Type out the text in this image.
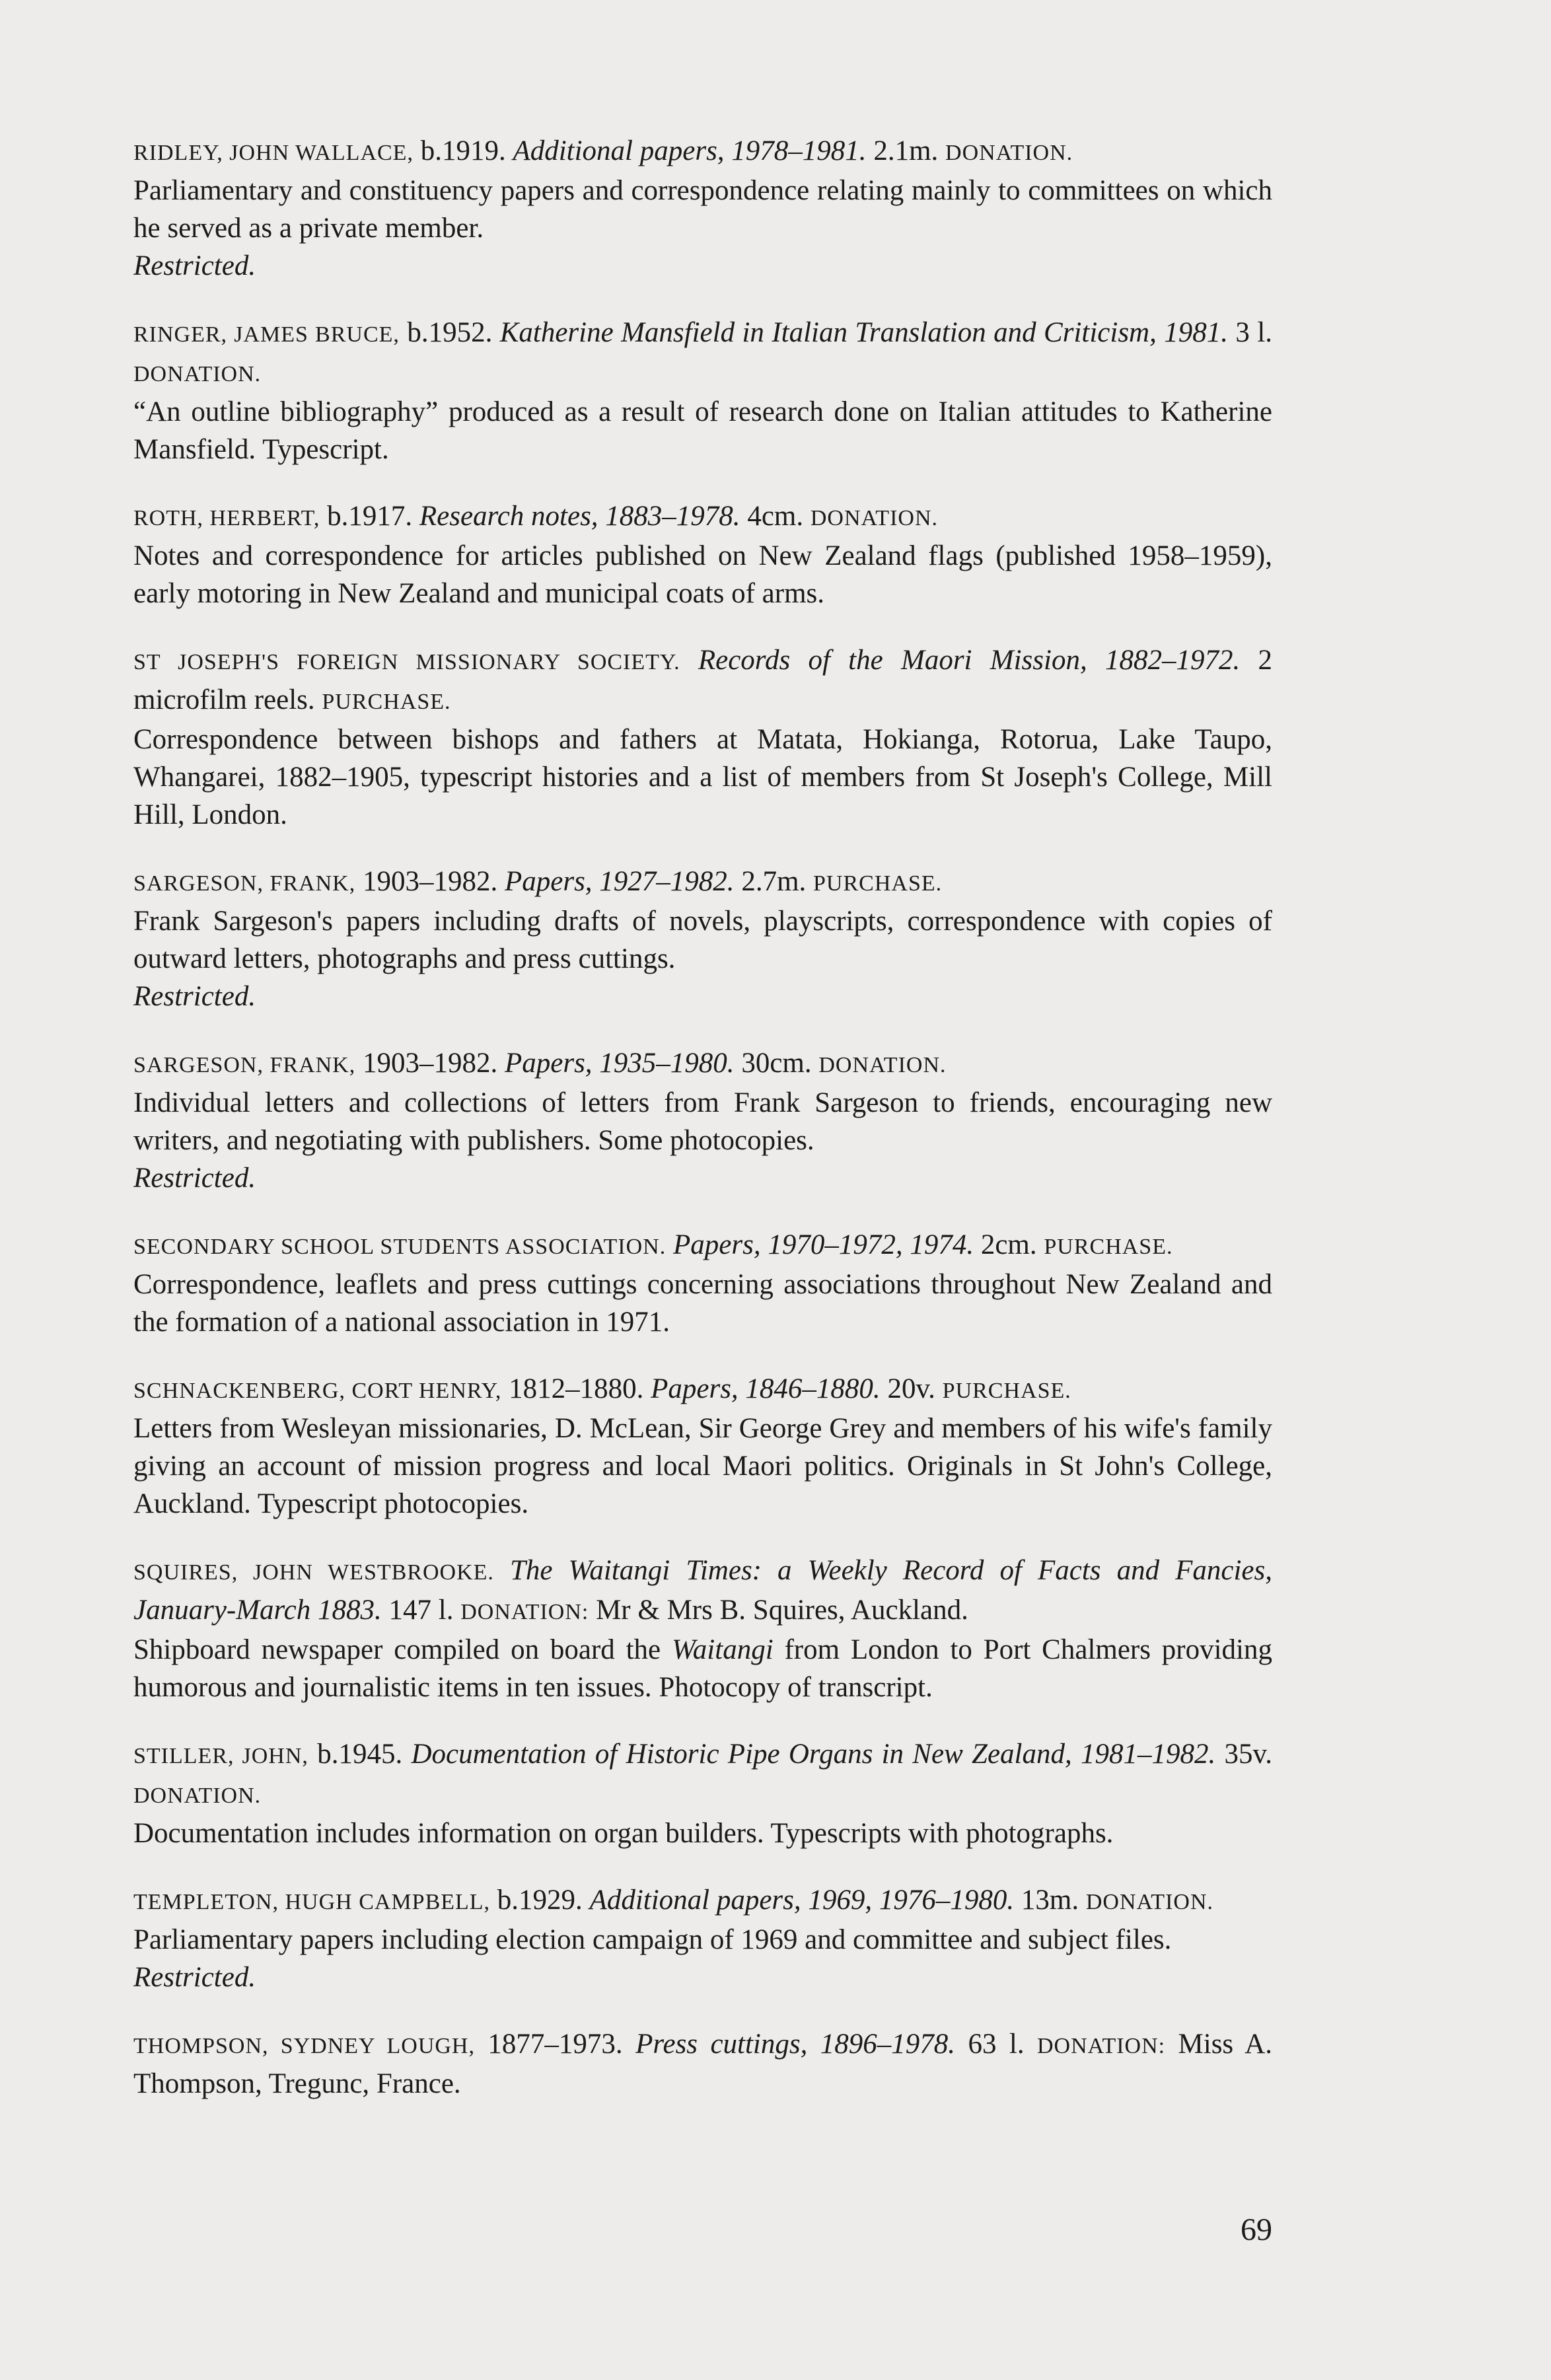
RIDLEY, JOHN WALLACE, b.1919. Additional papers, 1978–1981. 2.1m. DONATION.

Parliamentary and constituency papers and correspondence relating mainly to committees on which he served as a private member.

Restricted.

RINGER, JAMES BRUCE, b.1952. Katherine Mansfield in Italian Translation and Criticism, 1981. 3 l. DONATION.

“An outline bibliography” produced as a result of research done on Italian attitudes to Katherine Mansfield. Typescript.

ROTH, HERBERT, b.1917. Research notes, 1883–1978. 4cm. DONATION.

Notes and correspondence for articles published on New Zealand flags (published 1958–1959), early motoring in New Zealand and municipal coats of arms.

ST JOSEPH'S FOREIGN MISSIONARY SOCIETY. Records of the Maori Mission, 1882–1972. 2 microfilm reels. PURCHASE.

Correspondence between bishops and fathers at Matata, Hokianga, Rotorua, Lake Taupo, Whangarei, 1882–1905, typescript histories and a list of members from St Joseph's College, Mill Hill, London.

SARGESON, FRANK, 1903–1982. Papers, 1927–1982. 2.7m. PURCHASE.

Frank Sargeson's papers including drafts of novels, playscripts, correspondence with copies of outward letters, photographs and press cuttings.

Restricted.

SARGESON, FRANK, 1903–1982. Papers, 1935–1980. 30cm. DONATION.

Individual letters and collections of letters from Frank Sargeson to friends, encouraging new writers, and negotiating with publishers. Some photocopies.

Restricted.

SECONDARY SCHOOL STUDENTS ASSOCIATION. Papers, 1970–1972, 1974. 2cm. PURCHASE.

Correspondence, leaflets and press cuttings concerning associations throughout New Zealand and the formation of a national association in 1971.

SCHNACKENBERG, CORT HENRY, 1812–1880. Papers, 1846–1880. 20v. PURCHASE.

Letters from Wesleyan missionaries, D. McLean, Sir George Grey and members of his wife's family giving an account of mission progress and local Maori politics. Originals in St John's College, Auckland. Typescript photocopies.

SQUIRES, JOHN WESTBROOKE. The Waitangi Times: a Weekly Record of Facts and Fancies, January-March 1883. 147 l. DONATION: Mr & Mrs B. Squires, Auckland.

Shipboard newspaper compiled on board the Waitangi from London to Port Chalmers providing humorous and journalistic items in ten issues. Photocopy of transcript.

STILLER, JOHN, b.1945. Documentation of Historic Pipe Organs in New Zealand, 1981–1982. 35v. DONATION.

Documentation includes information on organ builders. Typescripts with photographs.

TEMPLETON, HUGH CAMPBELL, b.1929. Additional papers, 1969, 1976–1980. 13m. DONATION.

Parliamentary papers including election campaign of 1969 and committee and subject files.

Restricted.

THOMPSON, SYDNEY LOUGH, 1877–1973. Press cuttings, 1896–1978. 63 l. DONATION: Miss A. Thompson, Tregunc, France.

69
